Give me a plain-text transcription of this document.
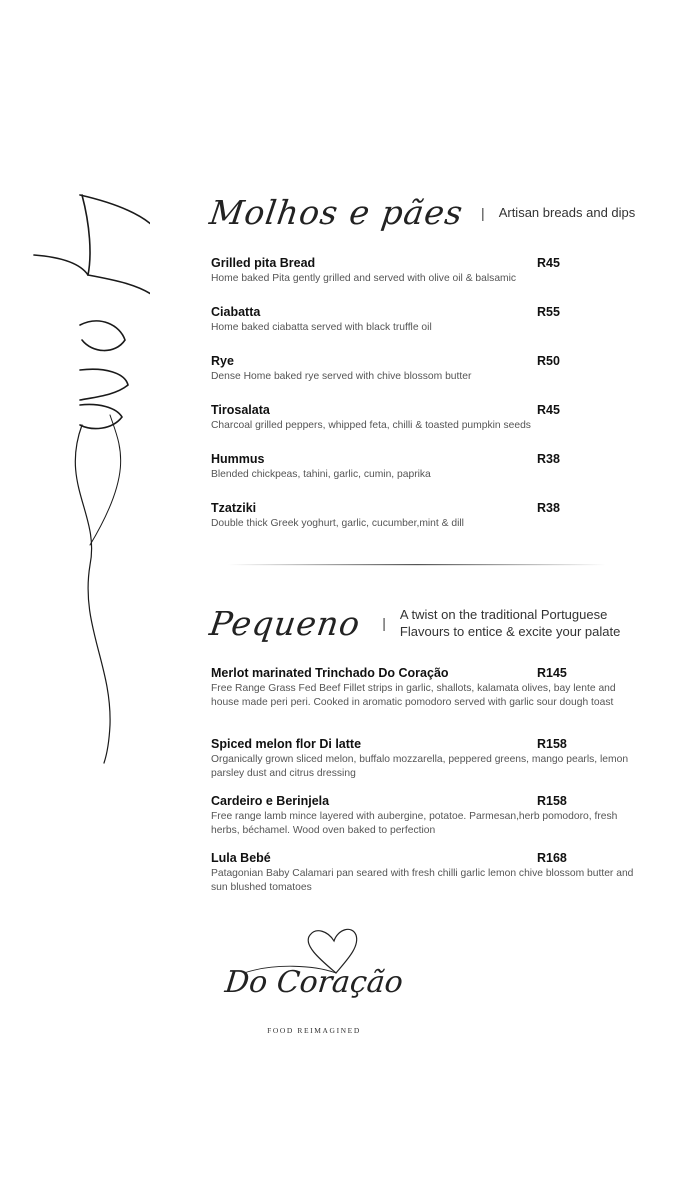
Molhos e pães | Artisan breads and dips
Grilled pita Bread	R45
Home baked Pita gently grilled and served with olive oil & balsamic
Ciabatta	R55
Home baked ciabatta served with black truffle oil
Rye	R50
Dense Home baked rye served with chive blossom butter
Tirosalata	R45
Charcoal grilled peppers, whipped feta, chilli & toasted pumpkin seeds
Hummus	R38
Blended chickpeas, tahini, garlic, cumin, paprika
Tzatziki	R38
Double thick Greek yoghurt, garlic, cucumber,mint & dill
Pequeno |
A twist on the traditional Portuguese
Flavours to entice & excite your palate
Merlot marinated Trinchado Do Coração	R145
Free Range Grass Fed Beef Fillet strips in garlic, shallots, kalamata olives, bay lente and house made peri peri. Cooked in aromatic pomodoro served with garlic sour dough toast
Spiced melon flor Di latte	R158
Organically grown sliced melon, buffalo mozzarella, peppered greens, mango pearls, lemon parsley dust and citrus dressing
Cardeiro e Berinjela	R158
Free range lamb mince layered with aubergine, potatoe. Parmesan,herb pomodoro, fresh herbs, béchamel. Wood oven baked to perfection
Lula Bebé	R168
Patagonian Baby Calamari pan seared with fresh chilli garlic lemon chive blossom butter and sun blushed tomatoes
Do Coração
FOOD REIMAGINED
